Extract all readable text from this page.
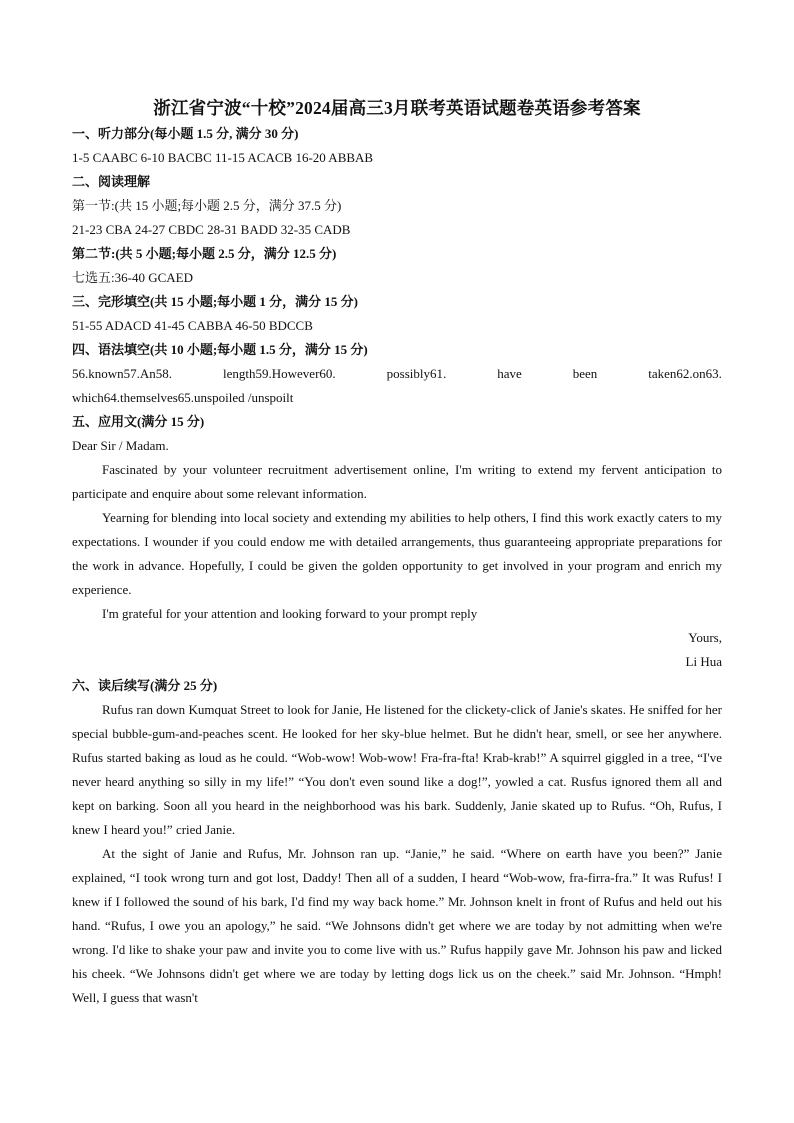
浙江省宁波“十校”2024届高三3月联考英语试题卷英语参考答案

一、听力部分(每小题 1.5 分, 满分 30 分)

1-5 CAABC 6-10 BACBC 11-15 ACACB 16-20 ABBAB

二、阅读理解

第一节:(共 15 小题;每小题 2.5 分，满分 37.5 分)

21-23 CBA 24-27 CBDC 28-31 BADD 32-35 CADB

第二节:(共 5 小题;每小题 2.5 分，满分 12.5 分)

七选五:36-40 GCAED

三、完形填空(共 15 小题;每小题 1 分，满分 15 分)

51-55 ADACD 41-45 CABBA 46-50 BDCCB

四、语法填空(共 10 小题;每小题 1.5 分，满分 15 分)

56.known57.An58.	length59.However60.	possibly61.	have	been	taken62.on63.

which64.themselves65.unspoiled /unspoilt

五、应用文(满分 15 分)

Dear Sir / Madam.

Fascinated by your volunteer recruitment advertisement online, I'm writing to extend my fervent anticipation to participate and enquire about some relevant information.

Yearning for blending into local society and extending my abilities to help others, I find this work exactly caters to my expectations. I wounder if you could endow me with detailed arrangements, thus guaranteeing appropriate preparations for the work in advance. Hopefully, I could be given the golden opportunity to get involved in your program and enrich my experience.

I'm grateful for your attention and looking forward to your prompt reply

Yours,

Li Hua

六、读后续写(满分 25 分)

Rufus ran down Kumquat Street to look for Janie, He listened for the clickety-click of Janie's skates. He sniffed for her special bubble-gum-and-peaches scent. He looked for her sky-blue helmet. But he didn't hear, smell, or see her anywhere. Rufus started baking as loud as he could. “Wob-wow! Wob-wow! Fra-fra-fta! Krab-krab!” A squirrel giggled in a tree, “I've never heard anything so silly in my life!” “You don't even sound like a dog!”, yowled a cat. Rusfus ignored them all and kept on barking. Soon all you heard in the neighborhood was his bark. Suddenly, Janie skated up to Rufus. “Oh, Rufus, I knew I heard you!” cried Janie.

At the sight of Janie and Rufus, Mr. Johnson ran up. “Janie,” he said. “Where on earth have you been?” Janie explained, “I took wrong turn and got lost, Daddy! Then all of a sudden, I heard “Wob-wow, fra-firra-fra.” It was Rufus! I knew if I followed the sound of his bark, I'd find my way back home.” Mr. Johnson knelt in front of Rufus and held out his hand. “Rufus, I owe you an apology,” he said. “We Johnsons didn't get where we are today by not admitting when we're wrong. I'd like to shake your paw and invite you to come live with us.” Rufus happily gave Mr. Johnson his paw and licked his cheek. “We Johnsons didn't get where we are today by letting dogs lick us on the cheek.” said Mr. Johnson. “Hmph! Well, I guess that wasn't
